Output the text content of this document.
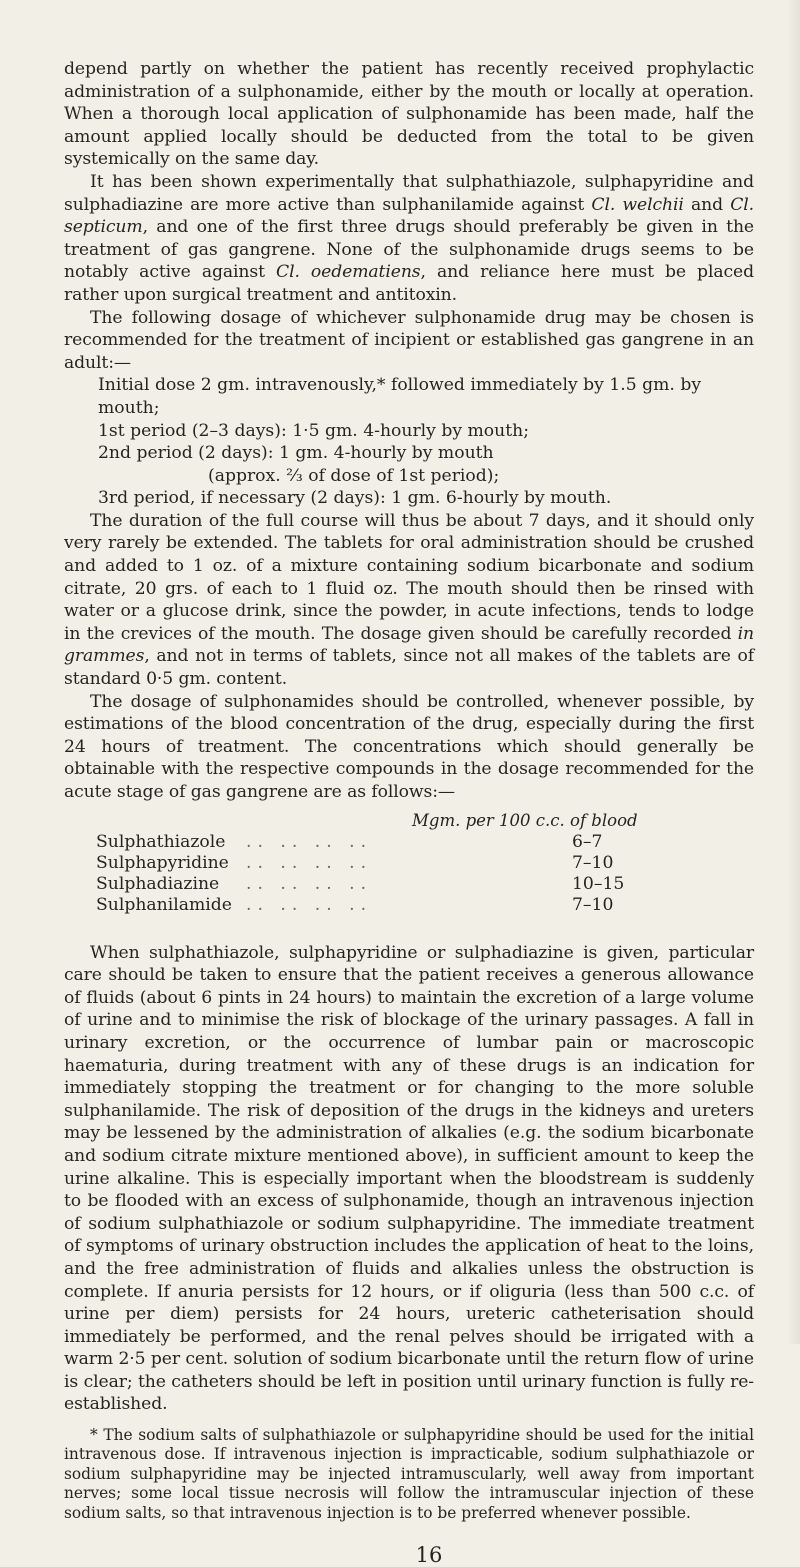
depend partly on whether the patient has recently received prophylactic administration of a sulphonamide, either by the mouth or locally at operation. When a thorough local application of sulphonamide has been made, half the amount applied locally should be deducted from the total to be given systemically on the same day.

It has been shown experimentally that sulphathiazole, sulphapyridine and sulphadiazine are more active than sulphanilamide against Cl. welchii and Cl. septicum, and one of the first three drugs should preferably be given in the treatment of gas gangrene. None of the sulphonamide drugs seems to be notably active against Cl. oedematiens, and reliance here must be placed rather upon surgical treatment and antitoxin.

The following dosage of whichever sulphonamide drug may be chosen is recommended for the treatment of incipient or established gas gangrene in an adult:—

Initial dose 2 gm. intravenously,* followed immediately by 1.5 gm. by mouth;

1st period (2–3 days): 1·5 gm. 4-hourly by mouth;

2nd period (2 days): 1 gm. 4-hourly by mouth

(approx. ⅔ of dose of 1st period);

3rd period, if necessary (2 days): 1 gm. 6-hourly by mouth.

The duration of the full course will thus be about 7 days, and it should only very rarely be extended. The tablets for oral administration should be crushed and added to 1 oz. of a mixture containing sodium bicarbonate and sodium citrate, 20 grs. of each to 1 fluid oz. The mouth should then be rinsed with water or a glucose drink, since the powder, in acute infections, tends to lodge in the crevices of the mouth. The dosage given should be carefully recorded in grammes, and not in terms of tablets, since not all makes of the tablets are of standard 0·5 gm. content.

The dosage of sulphonamides should be controlled, whenever possible, by estimations of the blood concentration of the drug, especially during the first 24 hours of treatment. The concentrations which should generally be obtainable with the respective compounds in the dosage recommended for the acute stage of gas gangrene are as follows:—

Mgm. per 100 c.c. of blood

Sulphathiazole	.. .. .. ..	6–7
Sulphapyridine	.. .. .. ..	7–10
Sulphadiazine	.. .. .. ..	10–15
Sulphanilamide	.. .. .. ..	7–10

When sulphathiazole, sulphapyridine or sulphadiazine is given, particular care should be taken to ensure that the patient receives a generous allowance of fluids (about 6 pints in 24 hours) to maintain the excretion of a large volume of urine and to minimise the risk of blockage of the urinary passages. A fall in urinary excretion, or the occurrence of lumbar pain or macroscopic haematuria, during treatment with any of these drugs is an indication for immediately stopping the treatment or for changing to the more soluble sulphanilamide. The risk of deposition of the drugs in the kidneys and ureters may be lessened by the administration of alkalies (e.g. the sodium bicarbonate and sodium citrate mixture mentioned above), in sufficient amount to keep the urine alkaline. This is especially important when the bloodstream is suddenly to be flooded with an excess of sulphonamide, though an intravenous injection of sodium sulphathiazole or sodium sulphapyridine. The immediate treatment of symptoms of urinary obstruction includes the application of heat to the loins, and the free administration of fluids and alkalies unless the obstruction is complete. If anuria persists for 12 hours, or if oliguria (less than 500 c.c. of urine per diem) persists for 24 hours, ureteric catheterisation should immediately be performed, and the renal pelves should be irrigated with a warm 2·5 per cent. solution of sodium bicarbonate until the return flow of urine is clear; the catheters should be left in position until urinary function is fully re-established.

* The sodium salts of sulphathiazole or sulphapyridine should be used for the initial intravenous dose. If intravenous injection is impracticable, sodium sulphathiazole or sodium sulphapyridine may be injected intramuscularly, well away from important nerves; some local tissue necrosis will follow the intramuscular injection of these sodium salts, so that intravenous injection is to be preferred whenever possible.

16
